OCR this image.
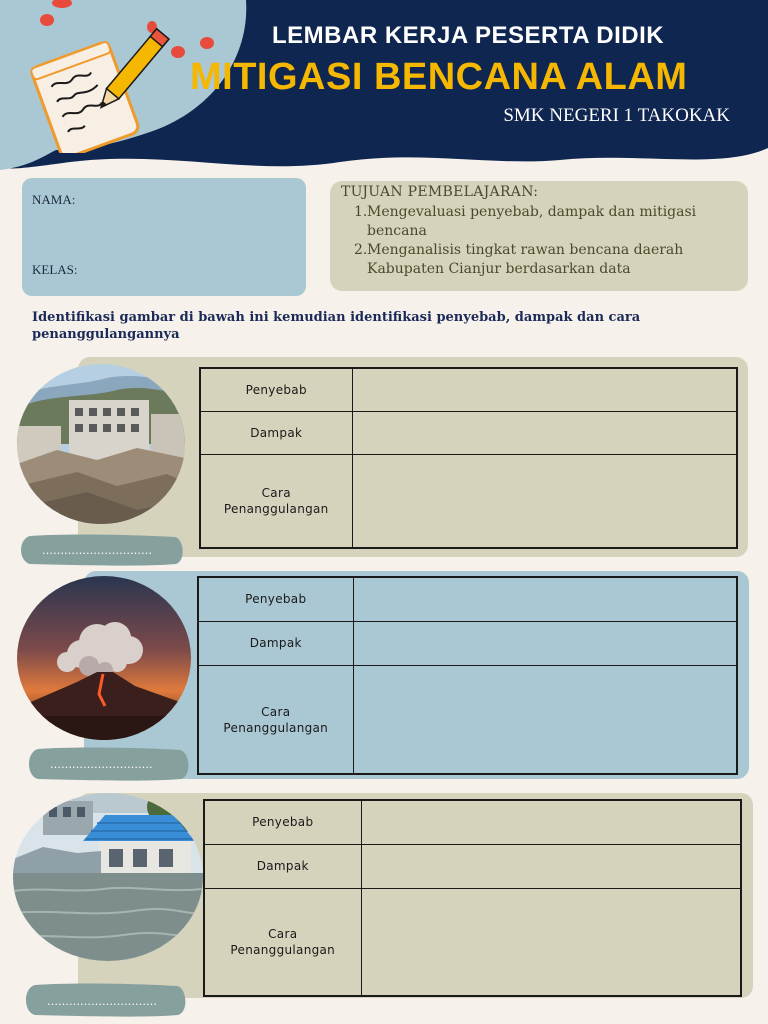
LEMBAR KERJA PESERTA DIDIK
MITIGASI BENCANA ALAM
SMK NEGERI 1 TAKOKAK
NAMA:
KELAS:
TUJUAN PEMBELAJARAN:
1. Mengevaluasi penyebab, dampak dan mitigasi bencana
2. Menganalisis tingkat rawan bencana daerah Kabupaten Cianjur berdasarkan data
Identifikasi gambar di bawah ini kemudian identifikasi penyebab, dampak dan cara penanggulangannya
…………………………
Penyebab	
Dampak	
Cara Penanggulangan	
……………………….
Penyebab	
Dampak	
Cara Penanggulangan	
…………………………
Penyebab	
Dampak	
Cara Penanggulangan	
